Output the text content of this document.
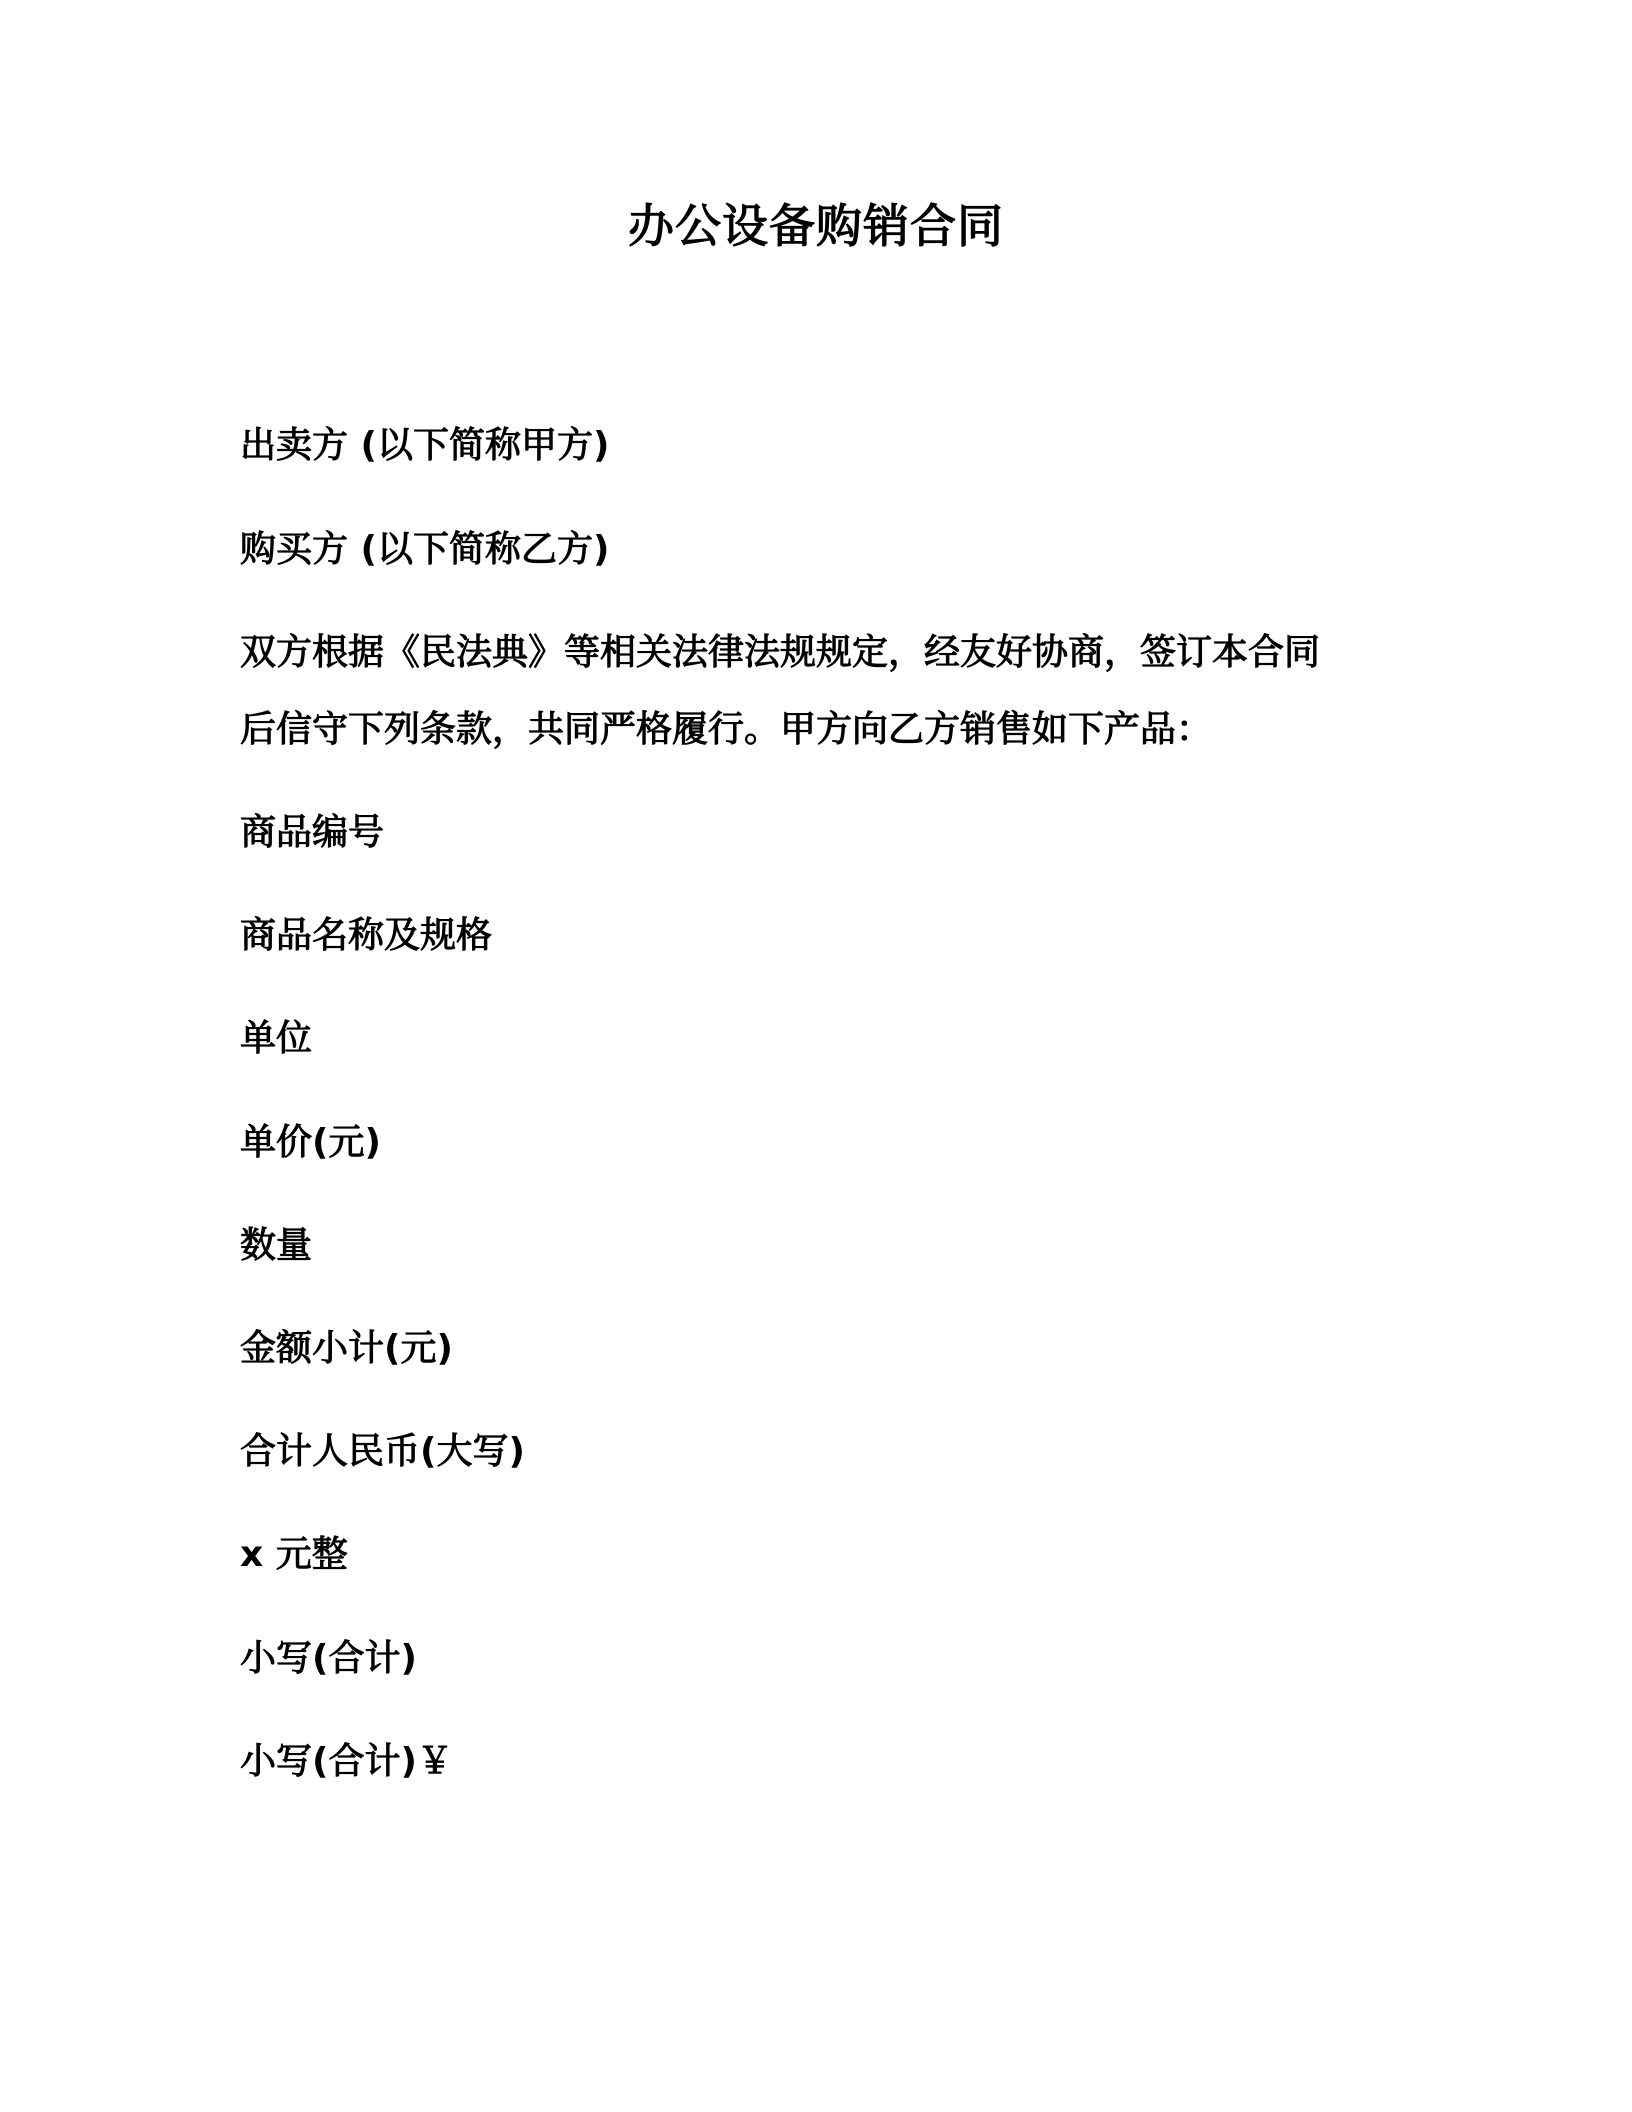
办公设备购销合同

出卖方 (以下简称甲方)

购买方 (以下简称乙方)

双方根据《民法典》等相关法律法规规定，经友好协商，签订本合同

后信守下列条款，共同严格履行。甲方向乙方销售如下产品：

商品编号

商品名称及规格

单位

单价(元)

数量

金额小计(元)

合计人民币(大写)

x 元整

小写(合计)

小写(合计)￥
